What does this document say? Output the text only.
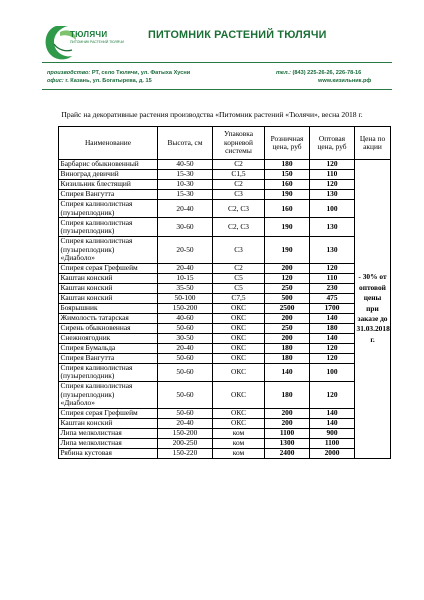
ТЮЛЯЧИ
ПИТОМНИК РАСТЕНИЙ ТЮЛЯЧИ
ПИТОМНИК РАСТЕНИЙ ТЮЛЯЧИ
производство: РТ, село Тюлячи, ул. Фатыха Хусни
офис: г. Казань, ул. Богатырева, д. 15
тел.: (843) 225-26-26, 226-78-16
www.кизильник.рф
Прайс на декоративные растения производства «Питомник растений «Тюлячи», весна 2018 г.
Наименование	Высота, см	Упаковка корневой системы	Розничная цена, руб	Оптовая цена, руб	Цена по акции
Барбарис обыкновенный	40-50	С2	180	120	- 30% от оптовой цены при заказе до 31.03.2018 г.
Виноград девичий	15-30	С1,5	150	110	
Кизильник блестящий	10-30	С2	160	120	
Спирея Вангутта	15-30	С3	190	130	
Спирея калинолистная
(пузыреплодник)	20-40	С2, С3	160	100	
Спирея калинолистная
(пузыреплодник)	30-60	С2, С3	190	130	
Спирея калинолистная
(пузыреплодник)
«Диаболо»	20-50	С3	190	130	
Спирея серая Грефшейм	20-40	С2	200	120	
Каштан конский	10-15	С5	120	110	
Каштан конский	35-50	С5	250	230	
Каштан конский	50-100	С7,5	500	475	
Боярышник	150-200	ОКС	2500	1700	
Жимолость татарская	40-60	ОКС	200	140	
Сирень обыкновенная	50-60	ОКС	250	180	
Снежноягодник	30-50	ОКС	200	140	
Спирея Бумальда	20-40	ОКС	180	120	
Спирея Вангутта	50-60	ОКС	180	120	
Спирея калинолистная
(пузыреплодник)	50-60	ОКС	140	100	
Спирея калинолистная
(пузыреплодник)
«Диаболо»	50-60	ОКС	180	120	
Спирея серая Грефшейм	50-60	ОКС	200	140	
Каштан конский	20-40	ОКС	200	140	
Липа мелколистная	150-200	ком	1100	900	
Липа мелколистная	200-250	ком	1300	1100	
Рябина кустовая	150-220	ком	2400	2000	
